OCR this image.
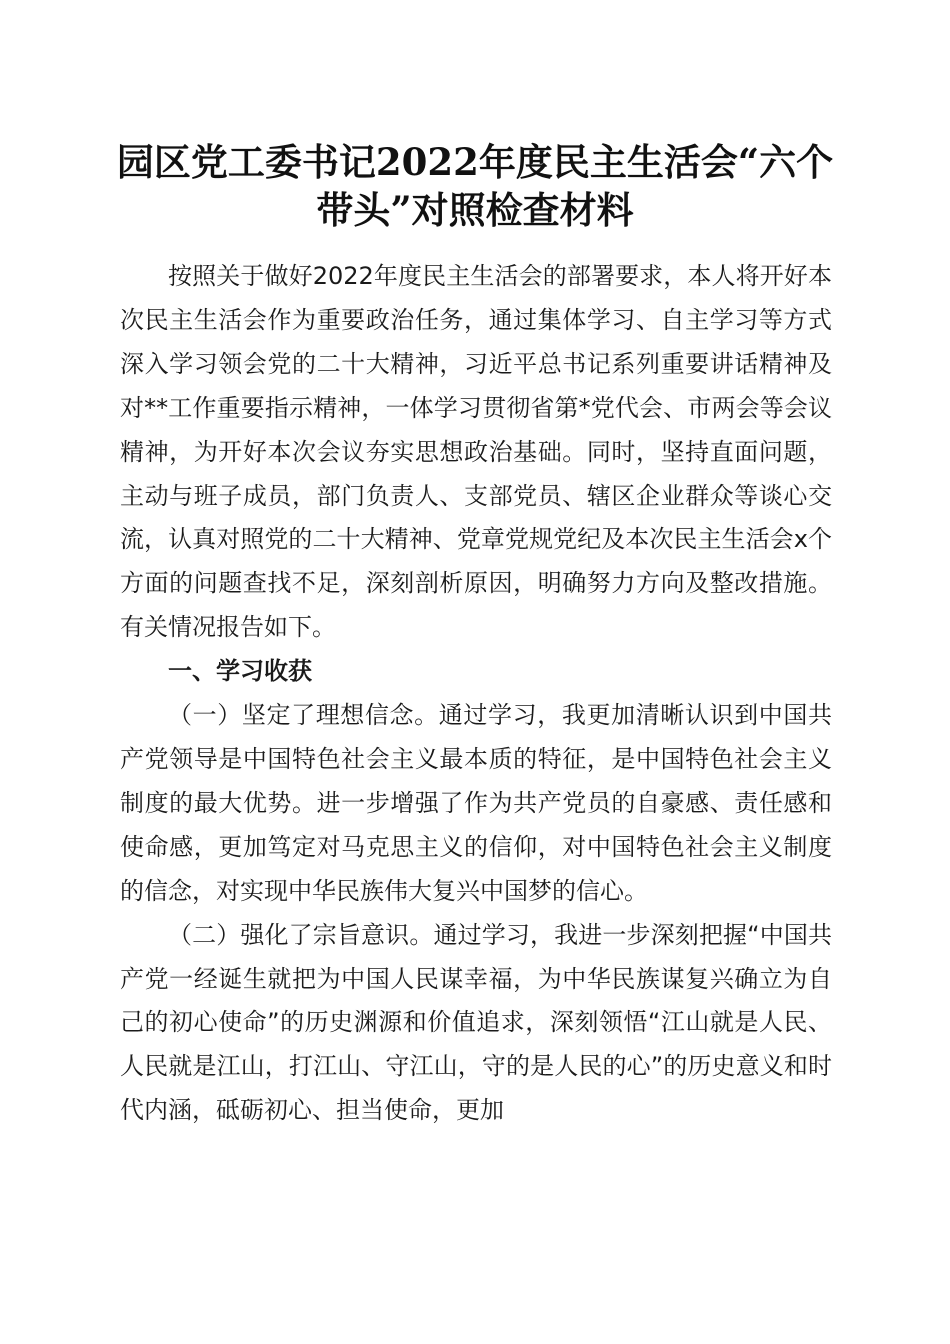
园区党工委书记2022年度民主生活会“六个
带头”对照检查材料

按照关于做好2022年度民主生活会的部署要求，本人将开好本次民主生活会作为重要政治任务，通过集体学习、自主学习等方式深入学习领会党的二十大精神，习近平总书记系列重要讲话精神及对**工作重要指示精神，一体学习贯彻省第*党代会、市两会等会议精神，为开好本次会议夯实思想政治基础。同时，坚持直面问题，主动与班子成员，部门负责人、支部党员、辖区企业群众等谈心交流，认真对照党的二十大精神、党章党规党纪及本次民主生活会x个方面的问题查找不足，深刻剖析原因，明确努力方向及整改措施。有关情况报告如下。

一、学习收获

（一）坚定了理想信念。通过学习，我更加清晰认识到中国共产党领导是中国特色社会主义最本质的特征，是中国特色社会主义制度的最大优势。进一步增强了作为共产党员的自豪感、责任感和使命感，更加笃定对马克思主义的信仰，对中国特色社会主义制度的信念，对实现中华民族伟大复兴中国梦的信心。

（二）强化了宗旨意识。通过学习，我进一步深刻把握“中国共产党一经诞生就把为中国人民谋幸福，为中华民族谋复兴确立为自己的初心使命”的历史渊源和价值追求，深刻领悟“江山就是人民、人民就是江山，打江山、守江山，守的是人民的心”的历史意义和时代内涵，砥砺初心、担当使命，更加
